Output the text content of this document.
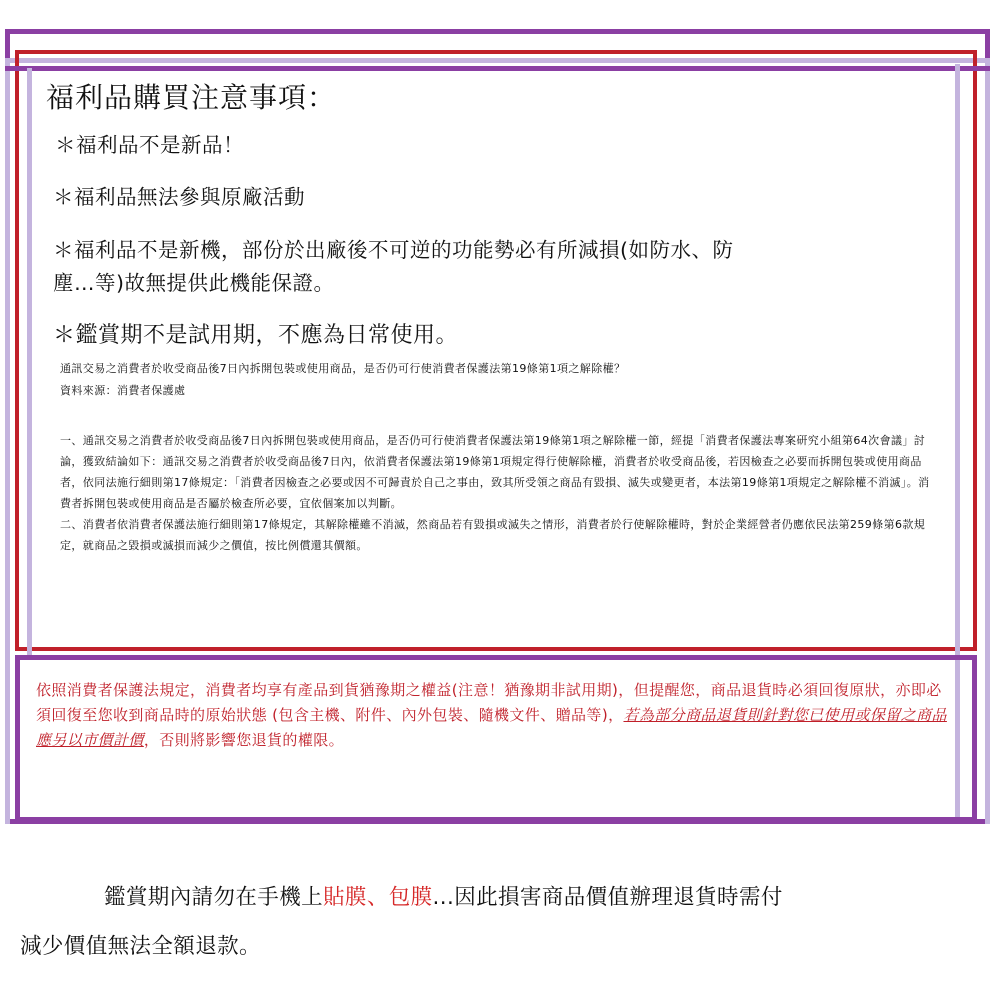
福利品購買注意事項：

＊福利品不是新品！

＊福利品無法參與原廠活動

＊福利品不是新機，部份於出廠後不可逆的功能勢必有所減損(如防水、防

塵…等)故無提供此機能保證。

＊鑑賞期不是試用期，不應為日常使用。

通訊交易之消費者於收受商品後7日內拆開包裝或使用商品，是否仍可行使消費者保護法第19條第1項之解除權？

資料來源：消費者保護處

一、通訊交易之消費者於收受商品後7日內拆開包裝或使用商品，是否仍可行使消費者保護法第19條第1項之解除權一節，經提「消費者保護法專案研究小組第64次會議」討論，獲致結論如下：通訊交易之消費者於收受商品後7日內，依消費者保護法第19條第1項規定得行使解除權，消費者於收受商品後，若因檢查之必要而拆開包裝或使用商品者，依同法施行細則第17條規定：「消費者因檢查之必要或因不可歸責於自己之事由，致其所受領之商品有毀損、滅失或變更者，本法第19條第1項規定之解除權不消滅」。消費者拆開包裝或使用商品是否屬於檢查所必要，宜依個案加以判斷。
二、消費者依消費者保護法施行細則第17條規定，其解除權雖不消滅，然商品若有毀損或滅失之情形，消費者於行使解除權時，對於企業經營者仍應依民法第259條第6款規定，就商品之毀損或滅損而減少之價值，按比例償還其價額。

依照消費者保護法規定，消費者均享有產品到貨猶豫期之權益(注意！猶豫期非試用期)，但提醒您，商品退貨時必須回復原狀，亦即必須回復至您收到商品時的原始狀態 (包含主機、附件、內外包裝、隨機文件、贈品等)，若為部分商品退貨則針對您已使用或保留之商品應另以市價計價，否則將影響您退貨的權限。

鑑賞期內請勿在手機上貼膜、包膜...因此損害商品價值辦理退貨時需付

減少價值無法全額退款。
